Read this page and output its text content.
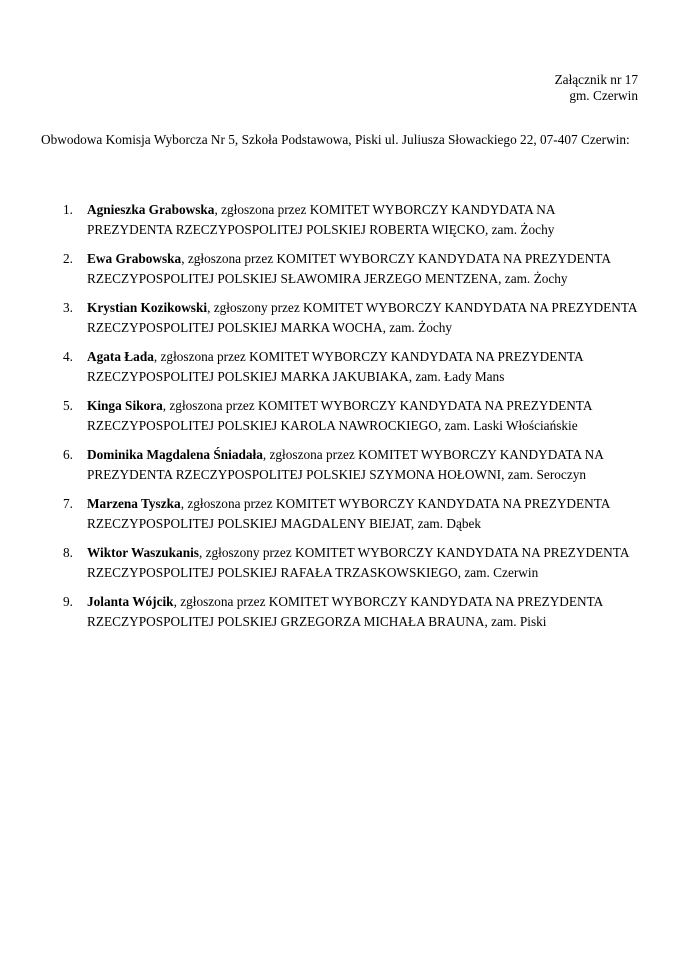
Załącznik nr 17
gm. Czerwin
Obwodowa Komisja Wyborcza Nr 5, Szkoła Podstawowa, Piski ul. Juliusza Słowackiego 22, 07-407 Czerwin:
1. Agnieszka Grabowska, zgłoszona przez KOMITET WYBORCZY KANDYDATA NA PREZYDENTA RZECZYPOSPOLITEJ POLSKIEJ ROBERTA WIĘCKO, zam. Żochy
2. Ewa Grabowska, zgłoszona przez KOMITET WYBORCZY KANDYDATA NA PREZYDENTA RZECZYPOSPOLITEJ POLSKIEJ SŁAWOMIRA JERZEGO MENTZENA, zam. Żochy
3. Krystian Kozikowski, zgłoszony przez KOMITET WYBORCZY KANDYDATA NA PREZYDENTA RZECZYPOSPOLITEJ POLSKIEJ MARKA WOCHA, zam. Żochy
4. Agata Łada, zgłoszona przez KOMITET WYBORCZY KANDYDATA NA PREZYDENTA RZECZYPOSPOLITEJ POLSKIEJ MARKA JAKUBIAKA, zam. Łady Mans
5. Kinga Sikora, zgłoszona przez KOMITET WYBORCZY KANDYDATA NA PREZYDENTA RZECZYPOSPOLITEJ POLSKIEJ KAROLA NAWROCKIEGO, zam. Laski Włościańskie
6. Dominika Magdalena Śniadała, zgłoszona przez KOMITET WYBORCZY KANDYDATA NA PREZYDENTA RZECZYPOSPOLITEJ POLSKIEJ SZYMONA HOŁOWNI, zam. Seroczyn
7. Marzena Tyszka, zgłoszona przez KOMITET WYBORCZY KANDYDATA NA PREZYDENTA RZECZYPOSPOLITEJ POLSKIEJ MAGDALENY BIEJAT, zam. Dąbek
8. Wiktor Waszukanis, zgłoszony przez KOMITET WYBORCZY KANDYDATA NA PREZYDENTA RZECZYPOSPOLITEJ POLSKIEJ RAFAŁA TRZASKOWSKIEGO, zam. Czerwin
9. Jolanta Wójcik, zgłoszona przez KOMITET WYBORCZY KANDYDATA NA PREZYDENTA RZECZYPOSPOLITEJ POLSKIEJ GRZEGORZA MICHAŁA BRAUNA, zam. Piski
